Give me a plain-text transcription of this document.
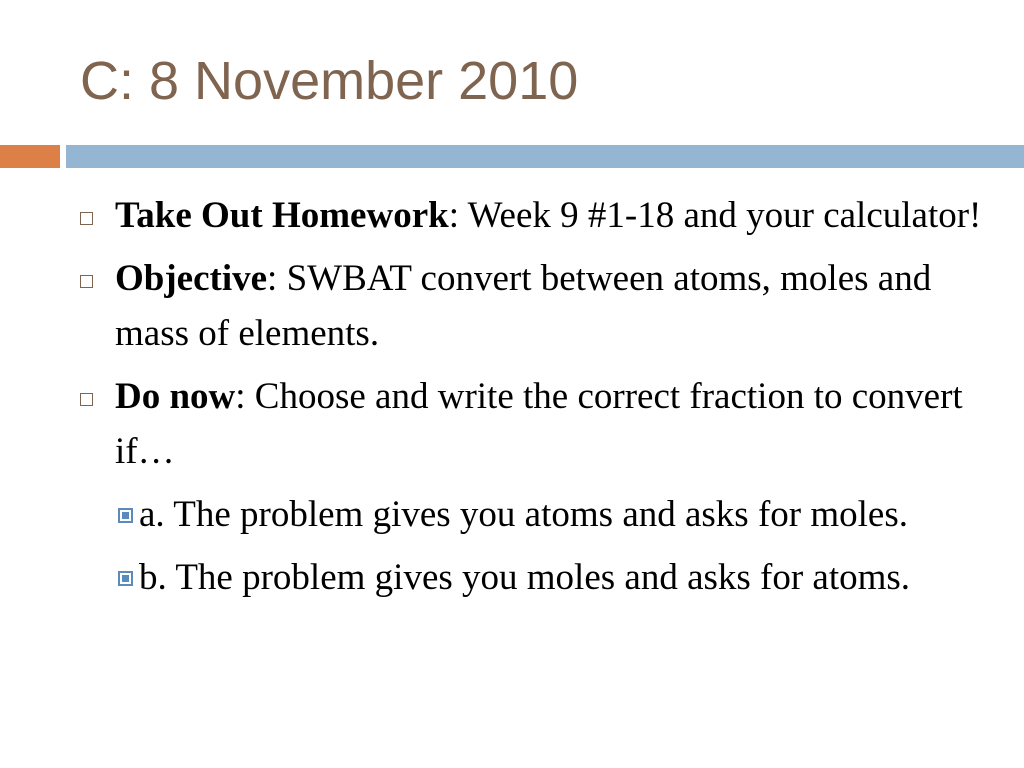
C: 8 November 2010
Take Out Homework: Week 9 #1-18 and your calculator!
Objective: SWBAT convert between atoms, moles and mass of elements.
Do now: Choose and write the correct fraction to convert if…
a. The problem gives you atoms and asks for moles.
b. The problem gives you moles and asks for atoms.
